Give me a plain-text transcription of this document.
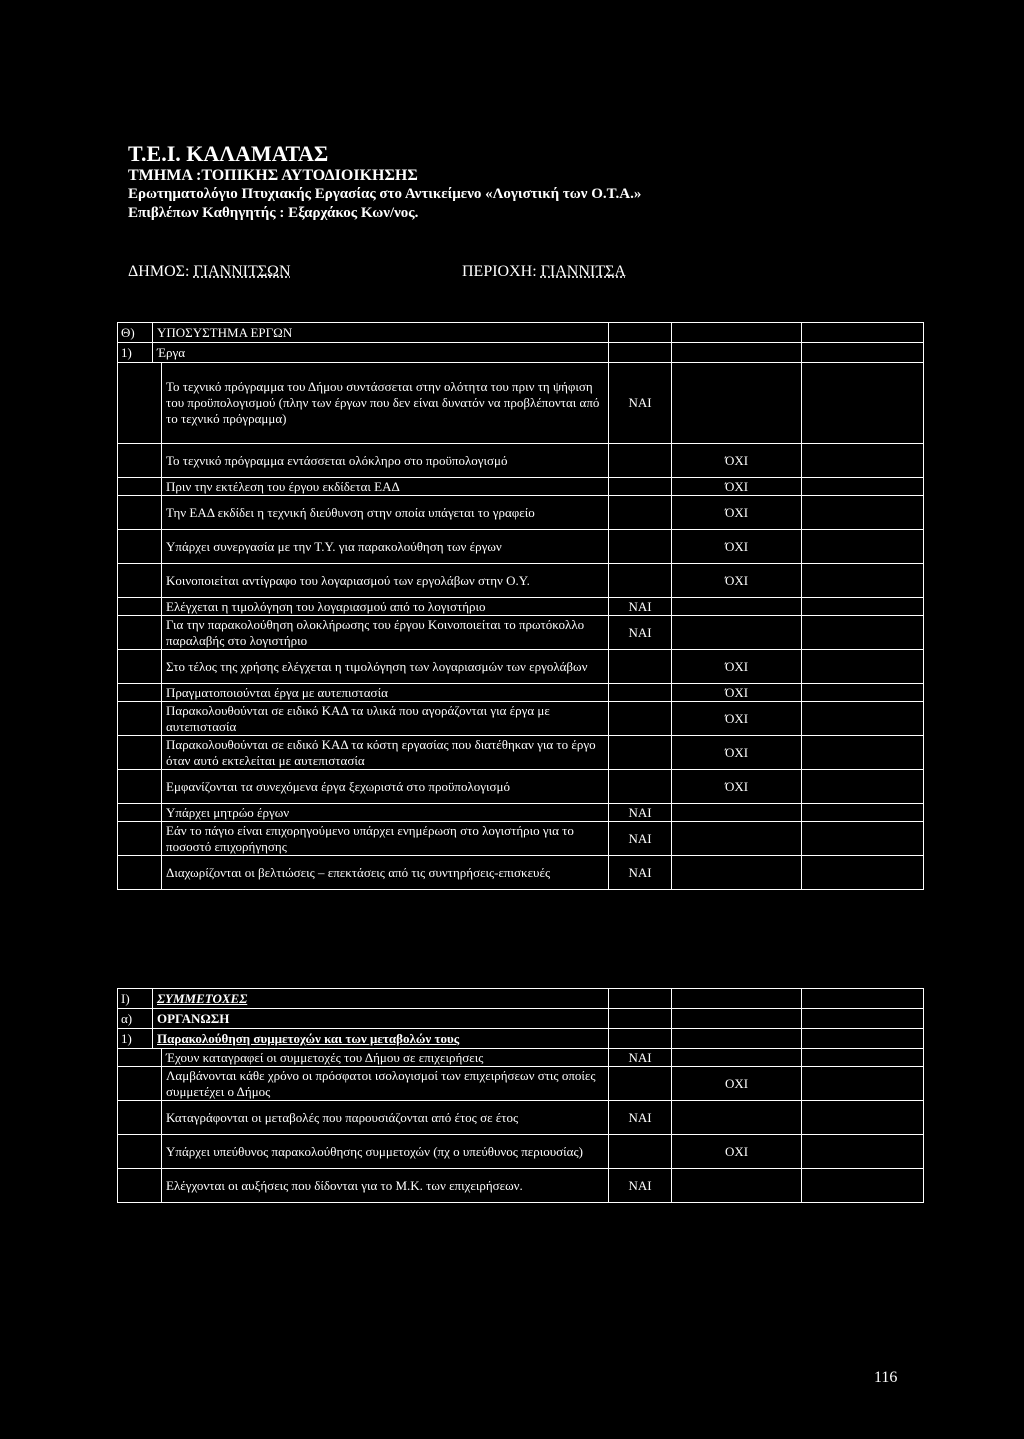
Τ.Ε.Ι. ΚΑΛΑΜΑΤΑΣ
ΤΜΗΜΑ :ΤΟΠΙΚΗΣ ΑΥΤΟΔΙΟΙΚΗΣΗΣ
Ερωτηματολόγιο Πτυχιακής Εργασίας στο Αντικείμενο «Λογιστική των Ο.Τ.Α.»
Επιβλέπων Καθηγητής : Εξαρχάκος Κων/νος.
ΔΗΜΟΣ: ΓΙΑΝΝΙΤΣΩΝ	ΠΕΡΙΟΧΗ: ΓΙΑΝΝΙΤΣΑ
Θ)	ΥΠΟΣΥΣΤΗΜΑ ΕΡΓΩΝ				
1)	Έργα				
		Το τεχνικό πρόγραμμα του Δήμου συντάσσεται στην ολότητα του πριν τη ψήφιση του προϋπολογισμού (πλην των έργων που δεν είναι δυνατόν να προβλέπονται από το τεχνικό πρόγραμμα)	ΝΑΙ		
		Το τεχνικό πρόγραμμα εντάσσεται ολόκληρο στο προϋπολογισμό		ΌΧΙ	
		Πριν την εκτέλεση του έργου εκδίδεται ΕΑΔ		ΌΧΙ	
		Την ΕΑΔ εκδίδει η τεχνική διεύθυνση στην οποία υπάγεται το γραφείο		ΌΧΙ	
		Υπάρχει συνεργασία με την Τ.Υ. για παρακολούθηση των έργων		ΌΧΙ	
		Κοινοποιείται αντίγραφο του λογαριασμού των εργολάβων στην Ο.Υ.		ΌΧΙ	
		Ελέγχεται η τιμολόγηση του λογαριασμού από το λογιστήριο	ΝΑΙ		
		Για την παρακολούθηση ολοκλήρωσης του έργου Κοινοποιείται το πρωτόκολλο παραλαβής στο λογιστήριο	ΝΑΙ		
		Στο τέλος της χρήσης ελέγχεται η τιμολόγηση των λογαριασμών των εργολάβων		ΌΧΙ	
		Πραγματοποιούνται έργα με αυτεπιστασία		ΌΧΙ	
		Παρακολουθούνται σε ειδικό ΚΑΔ τα υλικά που αγοράζονται για έργα με αυτεπιστασία		ΌΧΙ	
		Παρακολουθούνται σε ειδικό ΚΑΔ τα κόστη εργασίας που διατέθηκαν για το έργο όταν αυτό εκτελείται με αυτεπιστασία		ΌΧΙ	
		Εμφανίζονται τα συνεχόμενα έργα ξεχωριστά στο προϋπολογισμό		ΌΧΙ	
		Υπάρχει μητρώο έργων	ΝΑΙ		
		Εάν το πάγιο είναι επιχορηγούμενο υπάρχει ενημέρωση στο λογιστήριο για το ποσοστό επιχορήγησης	ΝΑΙ		
		Διαχωρίζονται οι βελτιώσεις – επεκτάσεις από τις συντηρήσεις-επισκευές	ΝΑΙ		
Ι)	ΣΥΜΜΕΤΟΧΕΣ				
α)	ΟΡΓΑΝΩΣΗ				
1)	Παρακολούθηση συμμετοχών και των μεταβολών τους				
		Έχουν καταγραφεί οι συμμετοχές του Δήμου σε επιχειρήσεις	ΝΑΙ		
		Λαμβάνονται κάθε χρόνο οι πρόσφατοι ισολογισμοί των επιχειρήσεων στις οποίες συμμετέχει ο Δήμος		ΟΧΙ	
		Καταγράφονται οι μεταβολές που παρουσιάζονται από έτος σε έτος	ΝΑΙ		
		Υπάρχει υπεύθυνος παρακολούθησης συμμετοχών (πχ ο υπεύθυνος περιουσίας)		ΟΧΙ	
		Ελέγχονται οι αυξήσεις που δίδονται για το Μ.Κ. των επιχειρήσεων.	ΝΑΙ		
116
